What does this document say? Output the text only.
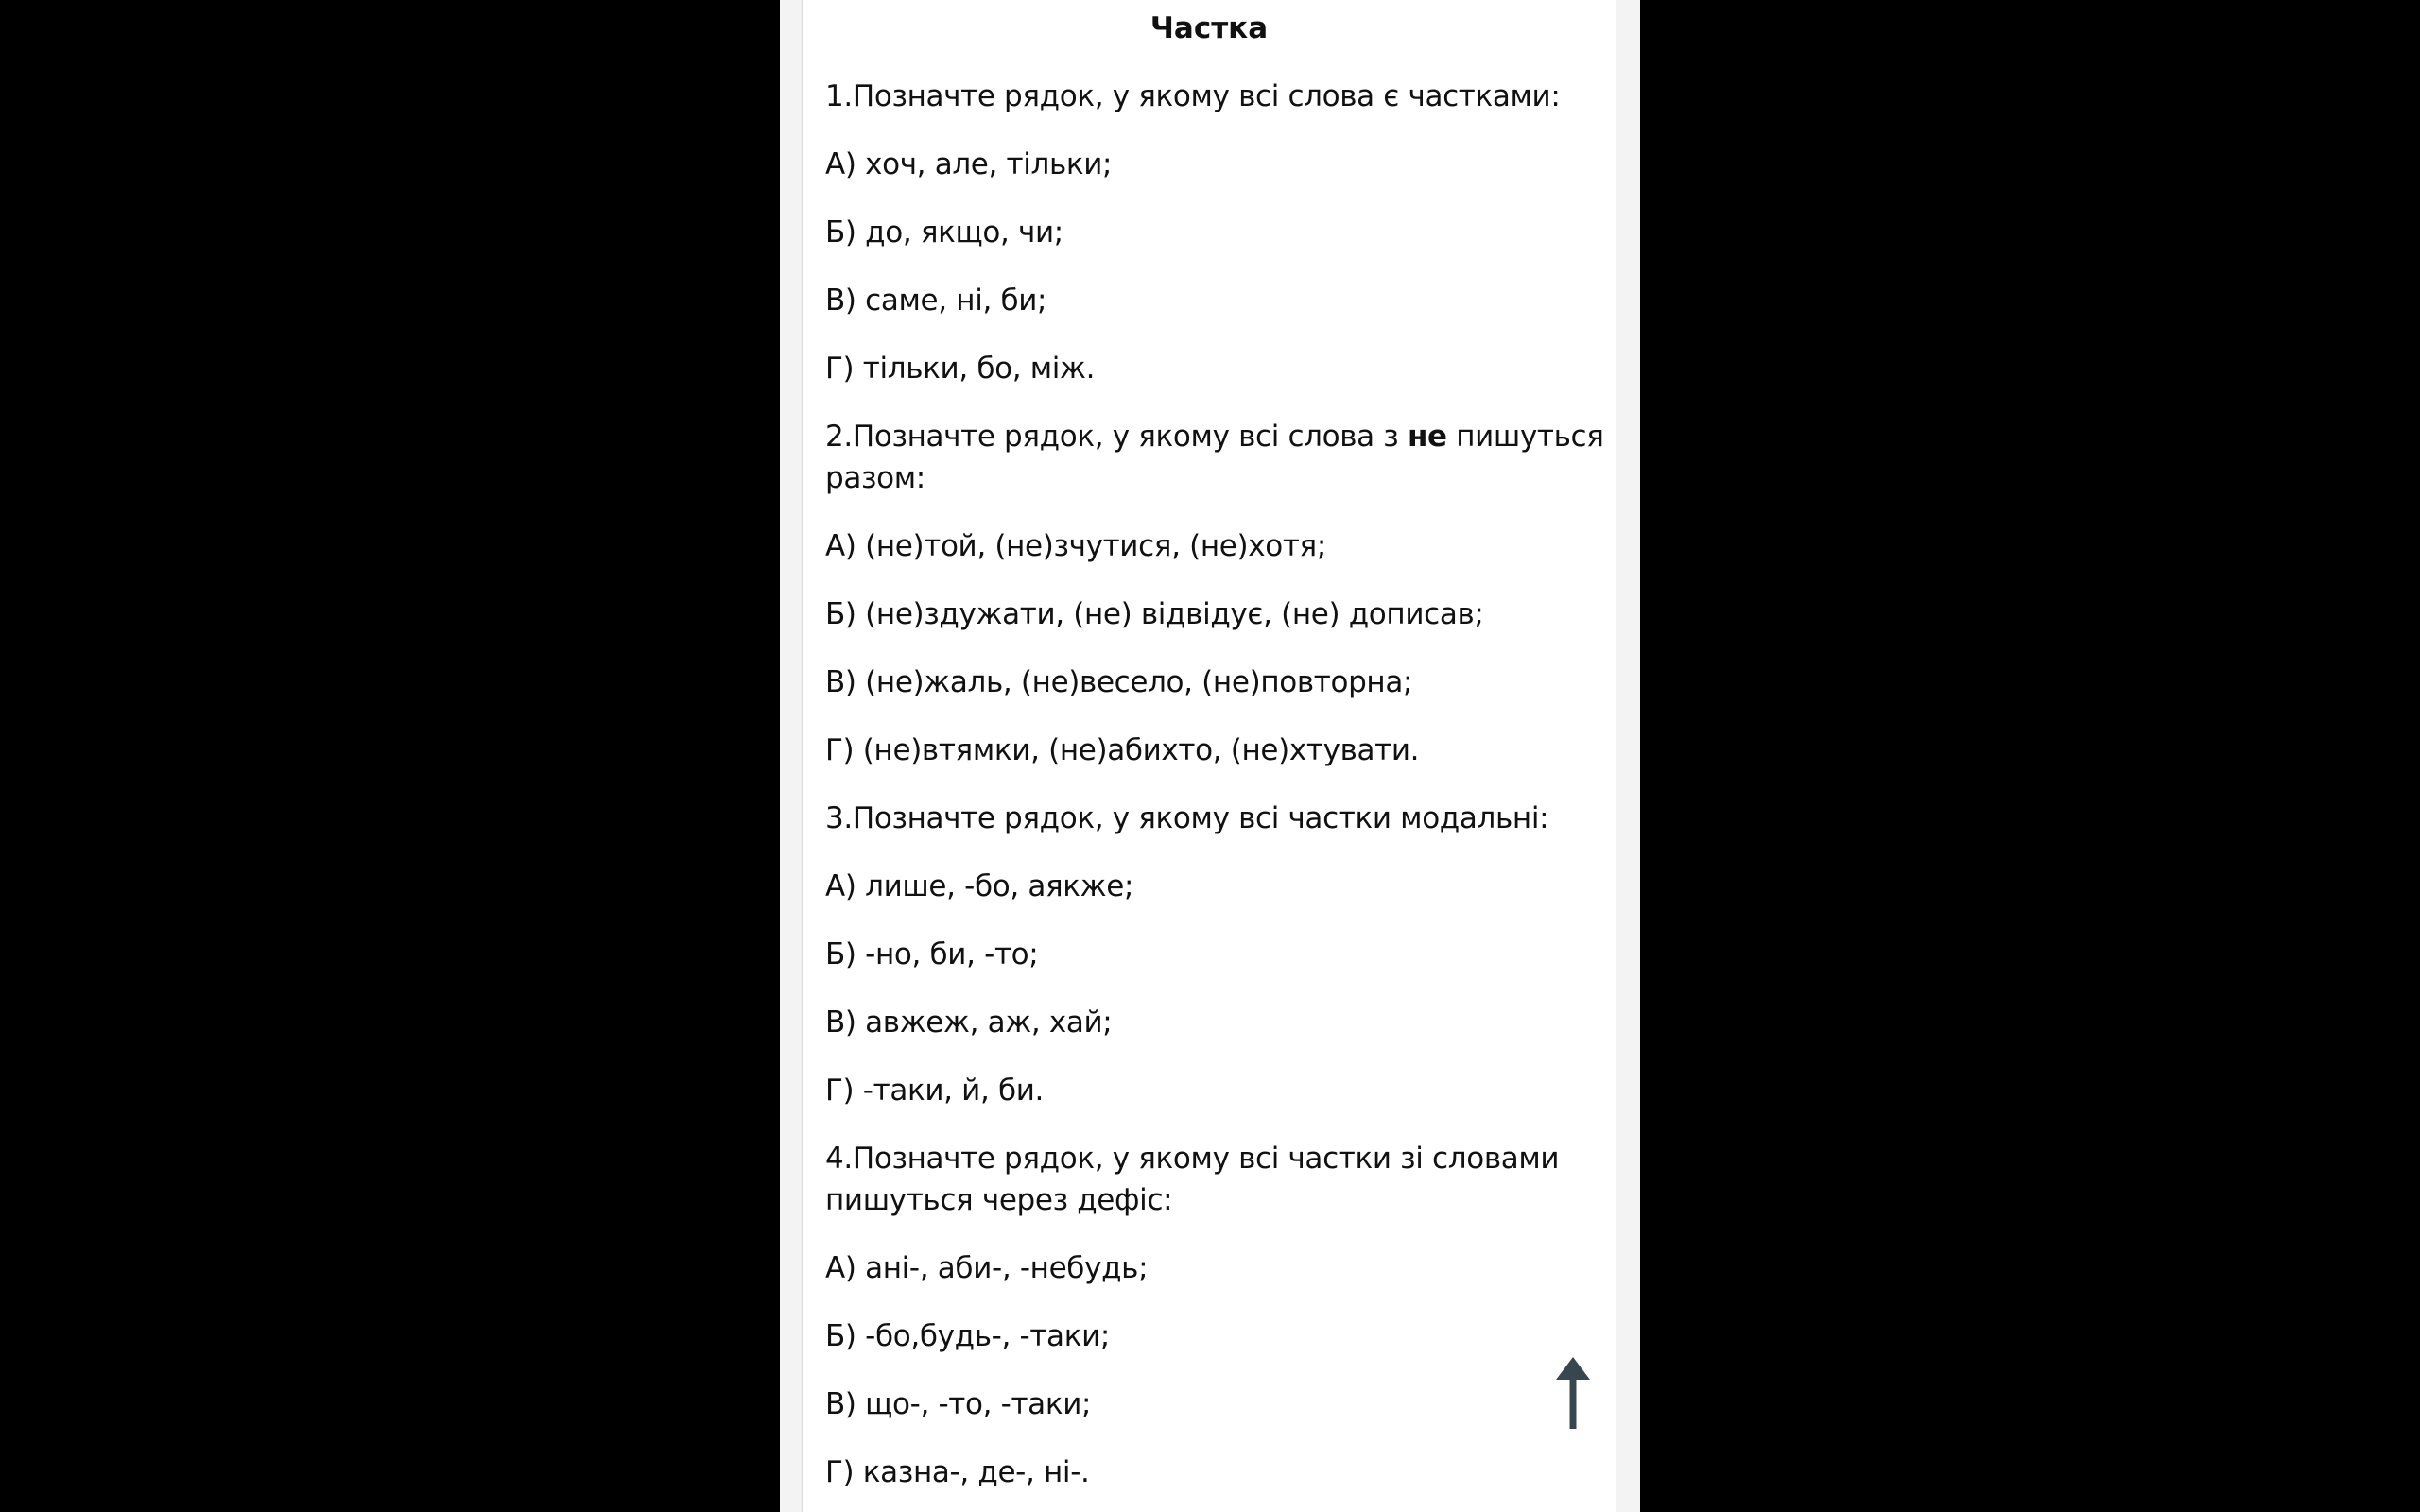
Частка

1.Позначте рядок, у якому всі слова є частками:

А) хоч, але, тільки;

Б) до, якщо, чи;

В) саме, ні, би;

Г) тільки, бо, між.

2.Позначте рядок, у якому всі слова з не пишуться

разом:

А) (не)той, (не)зчутися, (не)хотя;

Б) (не)здужати, (не) відвідує, (не) дописав;

В) (не)жаль, (не)весело, (не)повторна;

Г) (не)втямки, (не)абихто, (не)хтувати.

3.Позначте рядок, у якому всі частки модальні:

А) лише, -бо, аякже;

Б) -но, би, -то;

В) авжеж, аж, хай;

Г) -таки, й, би.

4.Позначте рядок, у якому всі частки зі словами

пишуться через дефіс:

А) ані-, аби-, -небудь;

Б) -бо,будь-, -таки;

В) що-, -то, -таки;

Г) казна-, де-, ні-.
